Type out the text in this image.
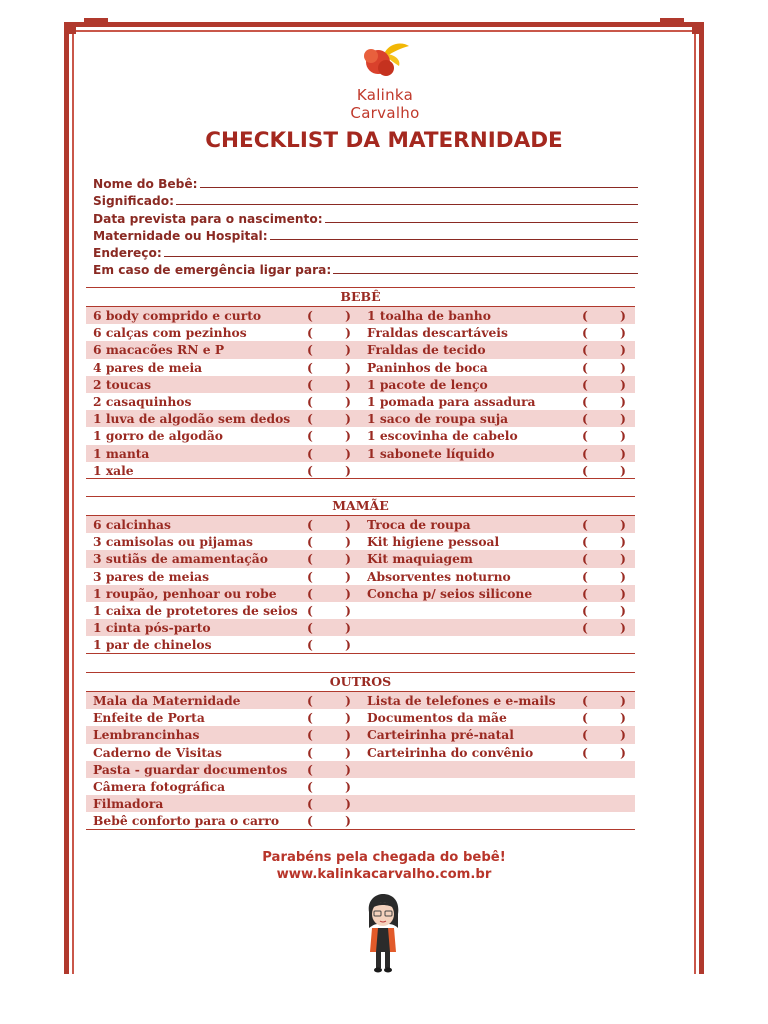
Kalinka Carvalho
CHECKLIST DA MATERNIDADE
Nome do Bebê:
Significado:
Data prevista para o nascimento:
Maternidade ou Hospital:
Endereço:
Em caso de emergência ligar para:
BEBÊ
6 body comprido e curto	(	) 1 toalha de banho	(	)
6 calças com pezinhos	(	) Fraldas descartáveis	(	)
6 macacões RN e P	(	) Fraldas de tecido	(	)
4 pares de meia	(	) Paninhos de boca	(	)
2 toucas	(	) 1 pacote de lenço	(	)
2 casaquinhos	(	) 1 pomada para assadura	(	)
1 luva de algodão sem dedos (	) 1 saco de roupa suja	(	)
1 gorro de algodão	(	) 1 escovinha de cabelo	(	)
1 manta	(	) 1 sabonete líquido	(	)
1 xale	(	)	(	)
MAMÃE
6 calcinhas	(	) Troca de roupa	(	)
3 camisolas ou pijamas	(	) Kit higiene pessoal	(	)
3 sutiãs de amamentação	(	) Kit maquiagem	(	)
3 pares de meias	(	) Absorventes noturno	(	)
1 roupão, penhoar ou robe (	) Concha p/ seios silicone	(	)
1 caixa de protetores de seios (	)	(	)
1 cinta pós-parto	(	)	(	)
1 par de chinelos	(	)
OUTROS
Mala da Maternidade	(	) Lista de telefones e e-mails (	)
Enfeite de Porta	(	) Documentos da mãe	(	)
Lembrancinhas	(	) Carteirinha pré-natal	(	)
Caderno de Visitas	(	) Carteirinha do convênio	(	)
Pasta - guardar documentos (	)
Câmera fotográfica	(	)
Filmadora	(	)
Bebê conforto para o carro (	)
Parabéns pela chegada do bebê!
www.kalinkacarvalho.com.br
